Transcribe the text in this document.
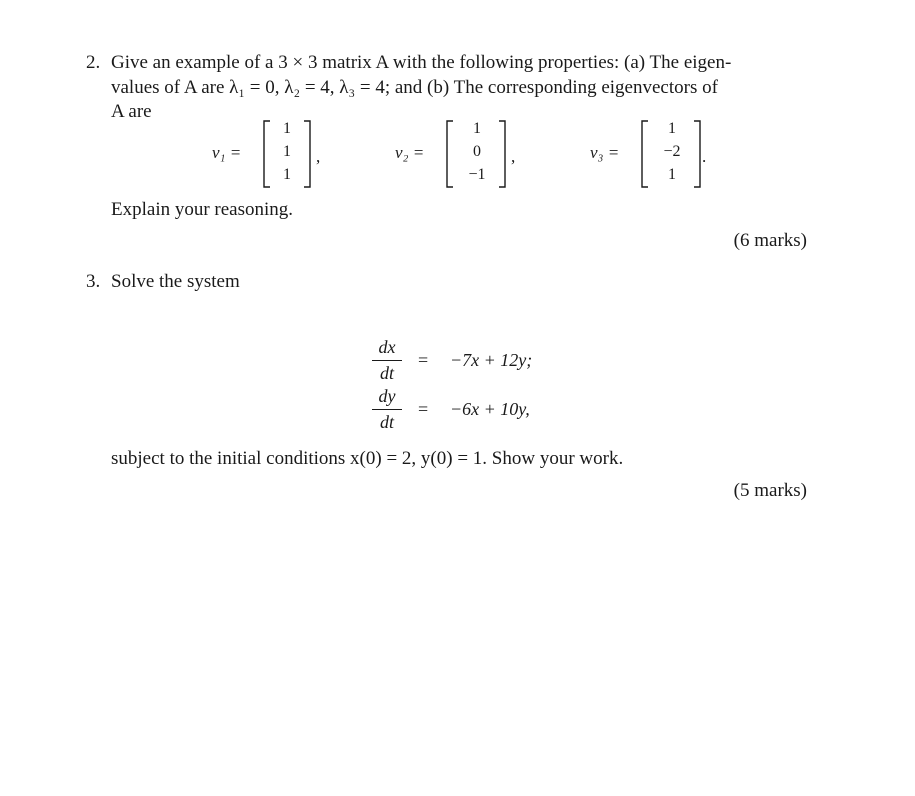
2. Give an example of a 3 × 3 matrix A with the following properties: (a) The eigen-
values of A are λ₁ = 0, λ₂ = 4, λ₃ = 4; and (b) The corresponding eigenvectors of
A are
v₁ =
1
1
1
,	v₂ =
1
0
−1
,	v₃ =
1
−2
1
.
Explain your reasoning.
(6 marks)
3. Solve the system
dx
dt
= −7x + 12y;
dy
dt
= −6x + 10y,
subject to the initial conditions x(0) = 2, y(0) = 1. Show your work.
(5 marks)
